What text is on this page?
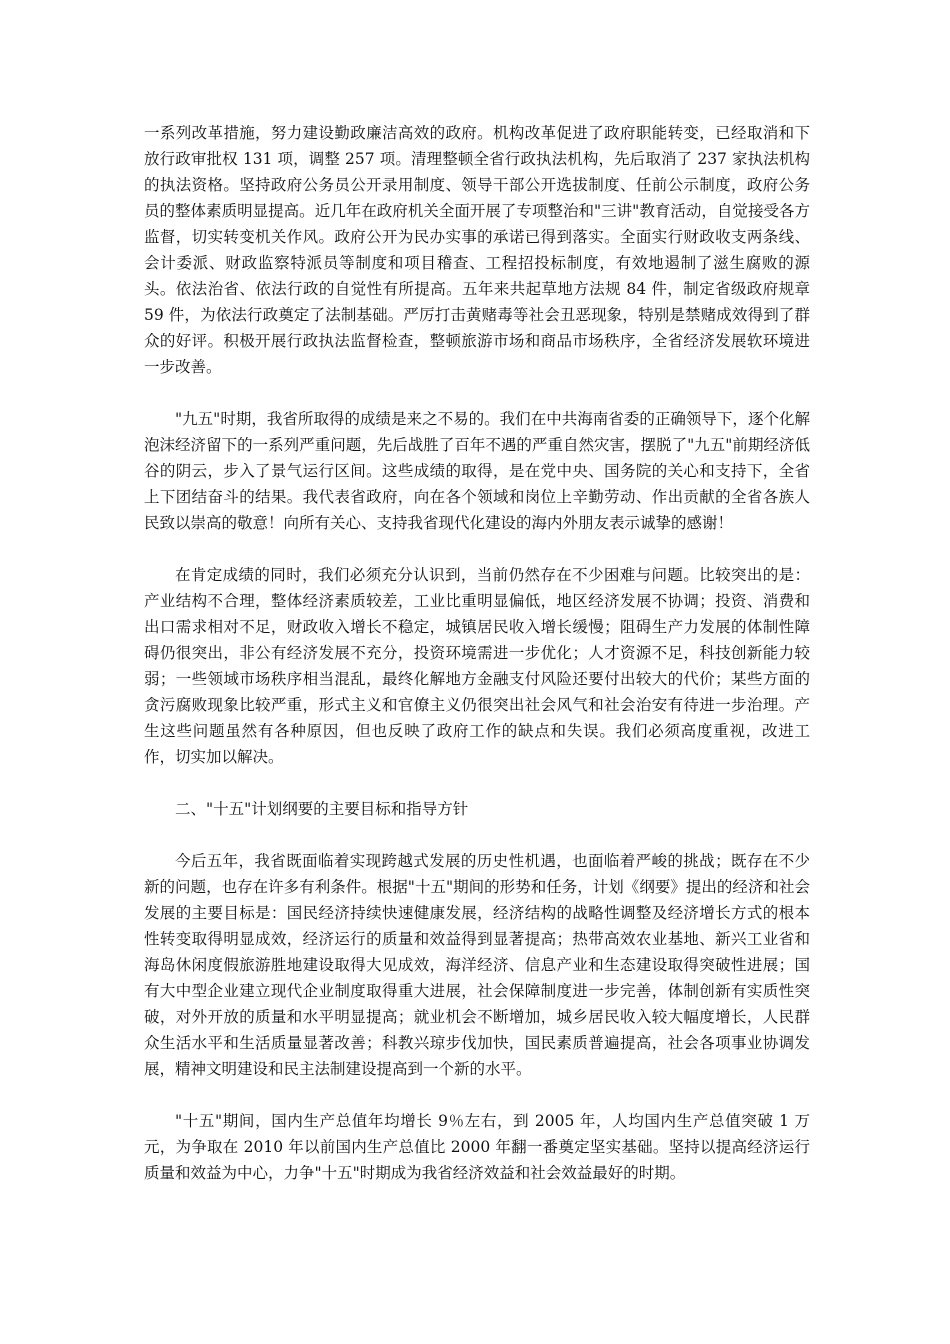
一系列改革措施，努力建设勤政廉洁高效的政府。机构改革促进了政府职能转变，已经取消和下放行政审批权 131 项，调整 257 项。清理整顿全省行政执法机构，先后取消了 237 家执法机构的执法资格。坚持政府公务员公开录用制度、领导干部公开选拔制度、任前公示制度，政府公务员的整体素质明显提高。近几年在政府机关全面开展了专项整治和"三讲"教育活动，自觉接受各方监督，切实转变机关作风。政府公开为民办实事的承诺已得到落实。全面实行财政收支两条线、会计委派、财政监察特派员等制度和项目稽查、工程招投标制度，有效地遏制了滋生腐败的源头。依法治省、依法行政的自觉性有所提高。五年来共起草地方法规 84 件，制定省级政府规章 59 件，为依法行政奠定了法制基础。严厉打击黄赌毒等社会丑恶现象，特别是禁赌成效得到了群众的好评。积极开展行政执法监督检查，整顿旅游市场和商品市场秩序，全省经济发展软环境进一步改善。

"九五"时期，我省所取得的成绩是来之不易的。我们在中共海南省委的正确领导下，逐个化解泡沫经济留下的一系列严重问题，先后战胜了百年不遇的严重自然灾害，摆脱了"九五"前期经济低谷的阴云，步入了景气运行区间。这些成绩的取得，是在党中央、国务院的关心和支持下，全省上下团结奋斗的结果。我代表省政府，向在各个领域和岗位上辛勤劳动、作出贡献的全省各族人民致以崇高的敬意！向所有关心、支持我省现代化建设的海内外朋友表示诚挚的感谢！

在肯定成绩的同时，我们必须充分认识到，当前仍然存在不少困难与问题。比较突出的是：产业结构不合理，整体经济素质较差，工业比重明显偏低，地区经济发展不协调；投资、消费和出口需求相对不足，财政收入增长不稳定，城镇居民收入增长缓慢；阻碍生产力发展的体制性障碍仍很突出，非公有经济发展不充分，投资环境需进一步优化；人才资源不足，科技创新能力较弱；一些领域市场秩序相当混乱，最终化解地方金融支付风险还要付出较大的代价；某些方面的贪污腐败现象比较严重，形式主义和官僚主义仍很突出社会风气和社会治安有待进一步治理。产生这些问题虽然有各种原因，但也反映了政府工作的缺点和失误。我们必须高度重视，改进工作，切实加以解决。

二、"十五"计划纲要的主要目标和指导方针

今后五年，我省既面临着实现跨越式发展的历史性机遇，也面临着严峻的挑战；既存在不少新的问题，也存在许多有利条件。根据"十五"期间的形势和任务，计划《纲要》提出的经济和社会发展的主要目标是：国民经济持续快速健康发展，经济结构的战略性调整及经济增长方式的根本性转变取得明显成效，经济运行的质量和效益得到显著提高；热带高效农业基地、新兴工业省和海岛休闲度假旅游胜地建设取得大见成效，海洋经济、信息产业和生态建设取得突破性进展；国有大中型企业建立现代企业制度取得重大进展，社会保障制度进一步完善，体制创新有实质性突破，对外开放的质量和水平明显提高；就业机会不断增加，城乡居民收入较大幅度增长，人民群众生活水平和生活质量显著改善；科教兴琼步伐加快，国民素质普遍提高，社会各项事业协调发展，精神文明建设和民主法制建设提高到一个新的水平。

"十五"期间，国内生产总值年均增长 9％左右，到 2005 年，人均国内生产总值突破 1 万元，为争取在 2010 年以前国内生产总值比 2000 年翻一番奠定坚实基础。坚持以提高经济运行质量和效益为中心，力争"十五"时期成为我省经济效益和社会效益最好的时期。
